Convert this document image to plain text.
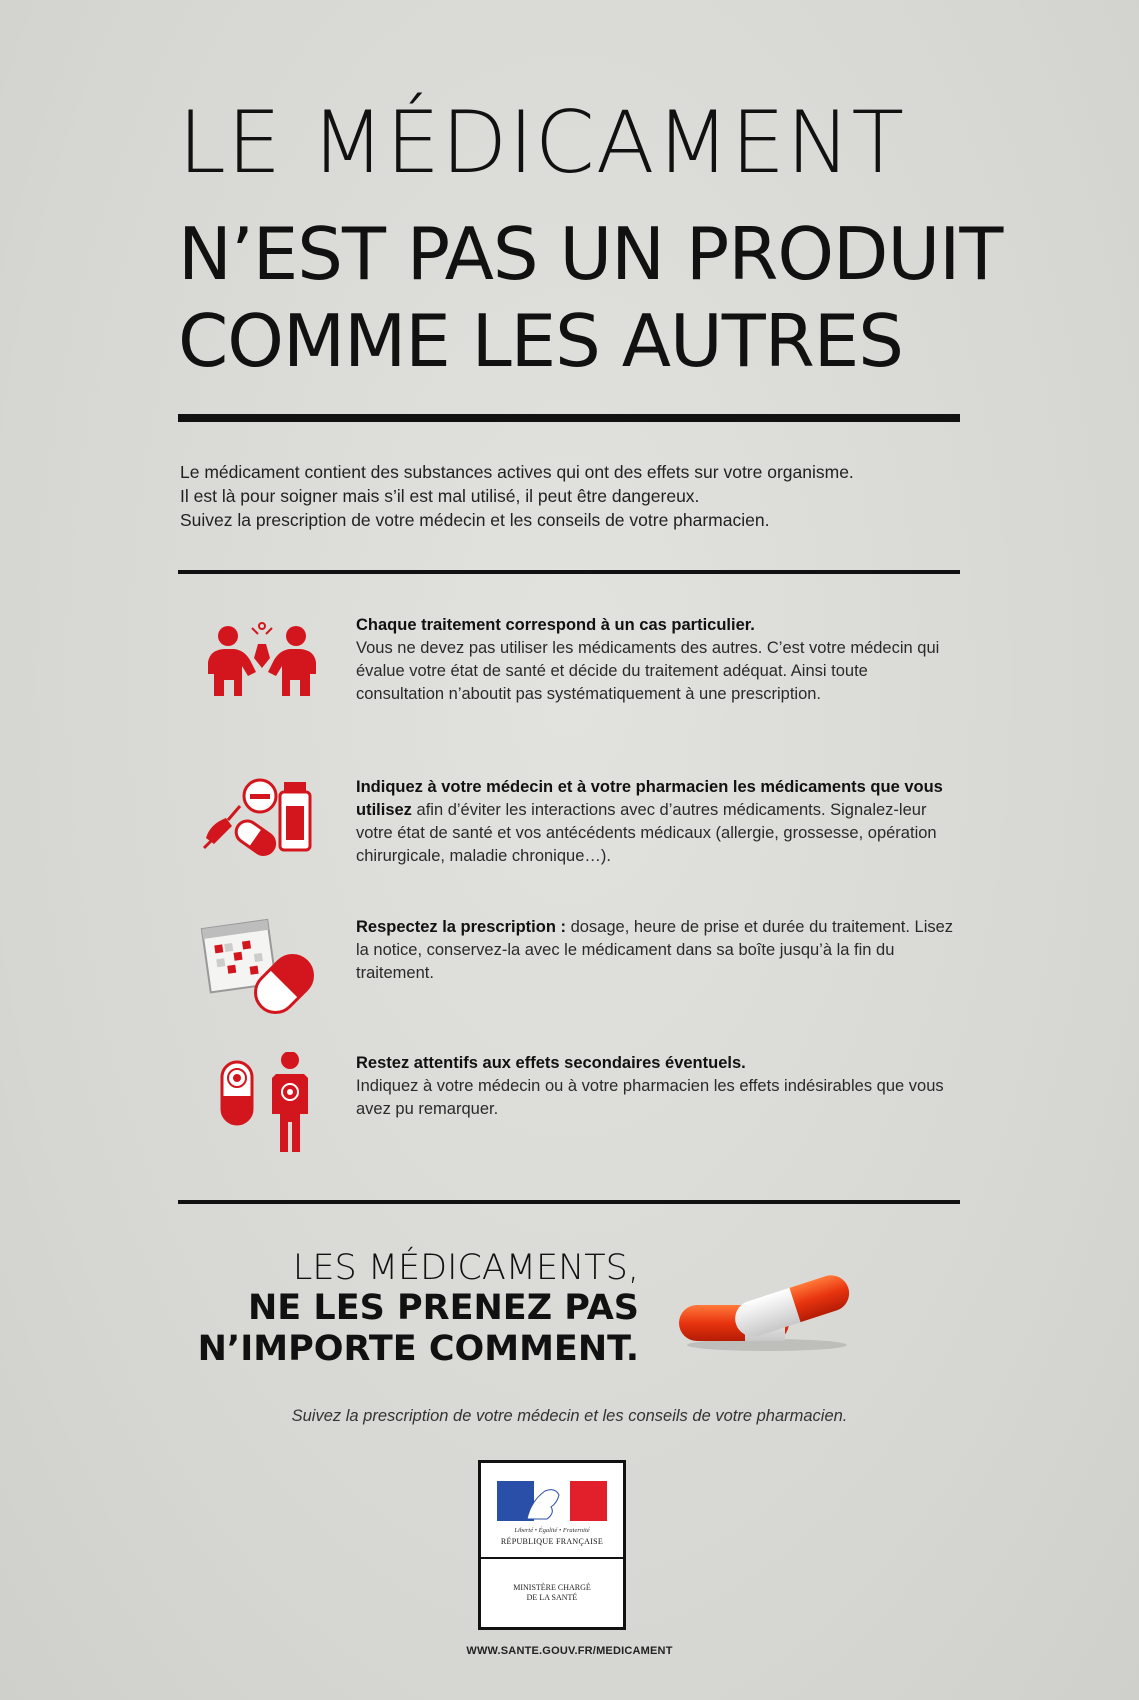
LE MÉDICAMENT
N’EST PAS UN PRODUIT
COMME LES AUTRES

Le médicament contient des substances actives qui ont des effets sur votre organisme.

Il est là pour soigner mais s’il est mal utilisé, il peut être dangereux.

Suivez la prescription de votre médecin et les conseils de votre pharmacien.

Chaque traitement correspond à un cas particulier.

Vous ne devez pas utiliser les médicaments des autres. C’est votre médecin qui évalue votre état de santé et décide du traitement adéquat. Ainsi toute consultation n’aboutit pas systématiquement à une prescription.

Indiquez à votre médecin et à votre pharmacien les médicaments que vous utilisez afin d’éviter les interactions avec d’autres médicaments. Signalez-leur votre état de santé et vos antécédents médicaux (allergie, grossesse, opération chirurgicale, maladie chronique…).

Respectez la prescription : dosage, heure de prise et durée du traitement. Lisez la notice, conservez-la avec le médicament dans sa boîte jusqu’à la fin du traitement.

Restez attentifs aux effets secondaires éventuels.

Indiquez à votre médecin ou à votre pharmacien les effets indésirables que vous avez pu remarquer.

LES MÉDICAMENTS,
NE LES PRENEZ PAS
N’IMPORTE COMMENT.
Suivez la prescription de votre médecin et les conseils de votre pharmacien.
Liberté • Égalité • Fraternité
RÉPUBLIQUE FRANÇAISE
MINISTÈRE CHARGÉ
DE LA SANTÉ
WWW.SANTE.GOUV.FR/MEDICAMENT
